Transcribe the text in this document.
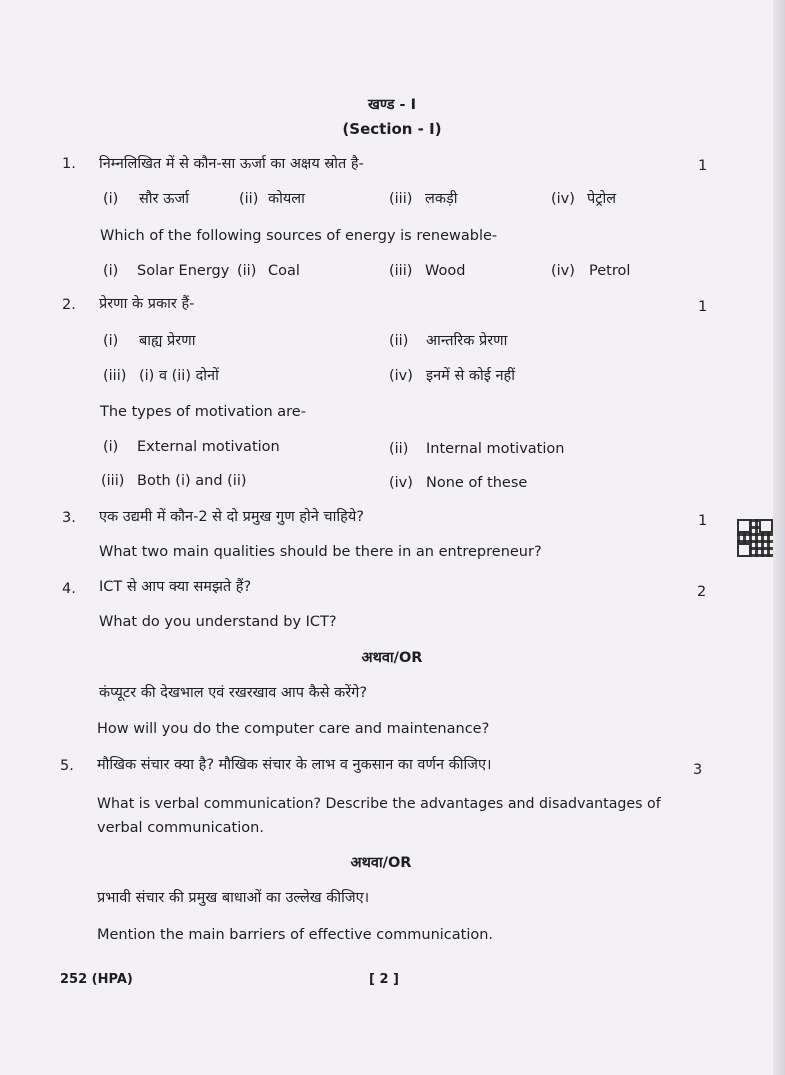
खण्ड - I
(Section - I)
1. निम्नलिखित में से कौन-सा ऊर्जा का अक्षय स्रोत है-	1
(i) सौर ऊर्जा	(ii) कोयला	(iii) लकड़ी	(iv) पेट्रोल
Which of the following sources of energy is renewable-
(i) Solar Energy (ii) Coal	(iii) Wood	(iv) Petrol
2. प्रेरणा के प्रकार हैं-	1
(i) बाह्य प्रेरणा	(ii) आन्तरिक प्रेरणा
(iii) (i) व (ii) दोनों	(iv) इनमें से कोई नहीं
The types of motivation are-
(i) External motivation	(ii) Internal motivation
(iii) Both (i) and (ii)	(iv) None of these
3. एक उद्यमी में कौन-2 से दो प्रमुख गुण होने चाहिये?	1
What two main qualities should be there in an entrepreneur?
4. ICT से आप क्या समझते हैं?	2
What do you understand by ICT?
अथवा/OR
कंप्यूटर की देखभाल एवं रखरखाव आप कैसे करेंगे?
How will you do the computer care and maintenance?
5. मौखिक संचार क्या है? मौखिक संचार के लाभ व नुकसान का वर्णन कीजिए।	3
What is verbal communication? Describe the advantages and disadvantages of
verbal communication.
अथवा/OR
प्रभावी संचार की प्रमुख बाधाओं का उल्लेख कीजिए।
Mention the main barriers of effective communication.
252 (HPA)	[ 2 ]
